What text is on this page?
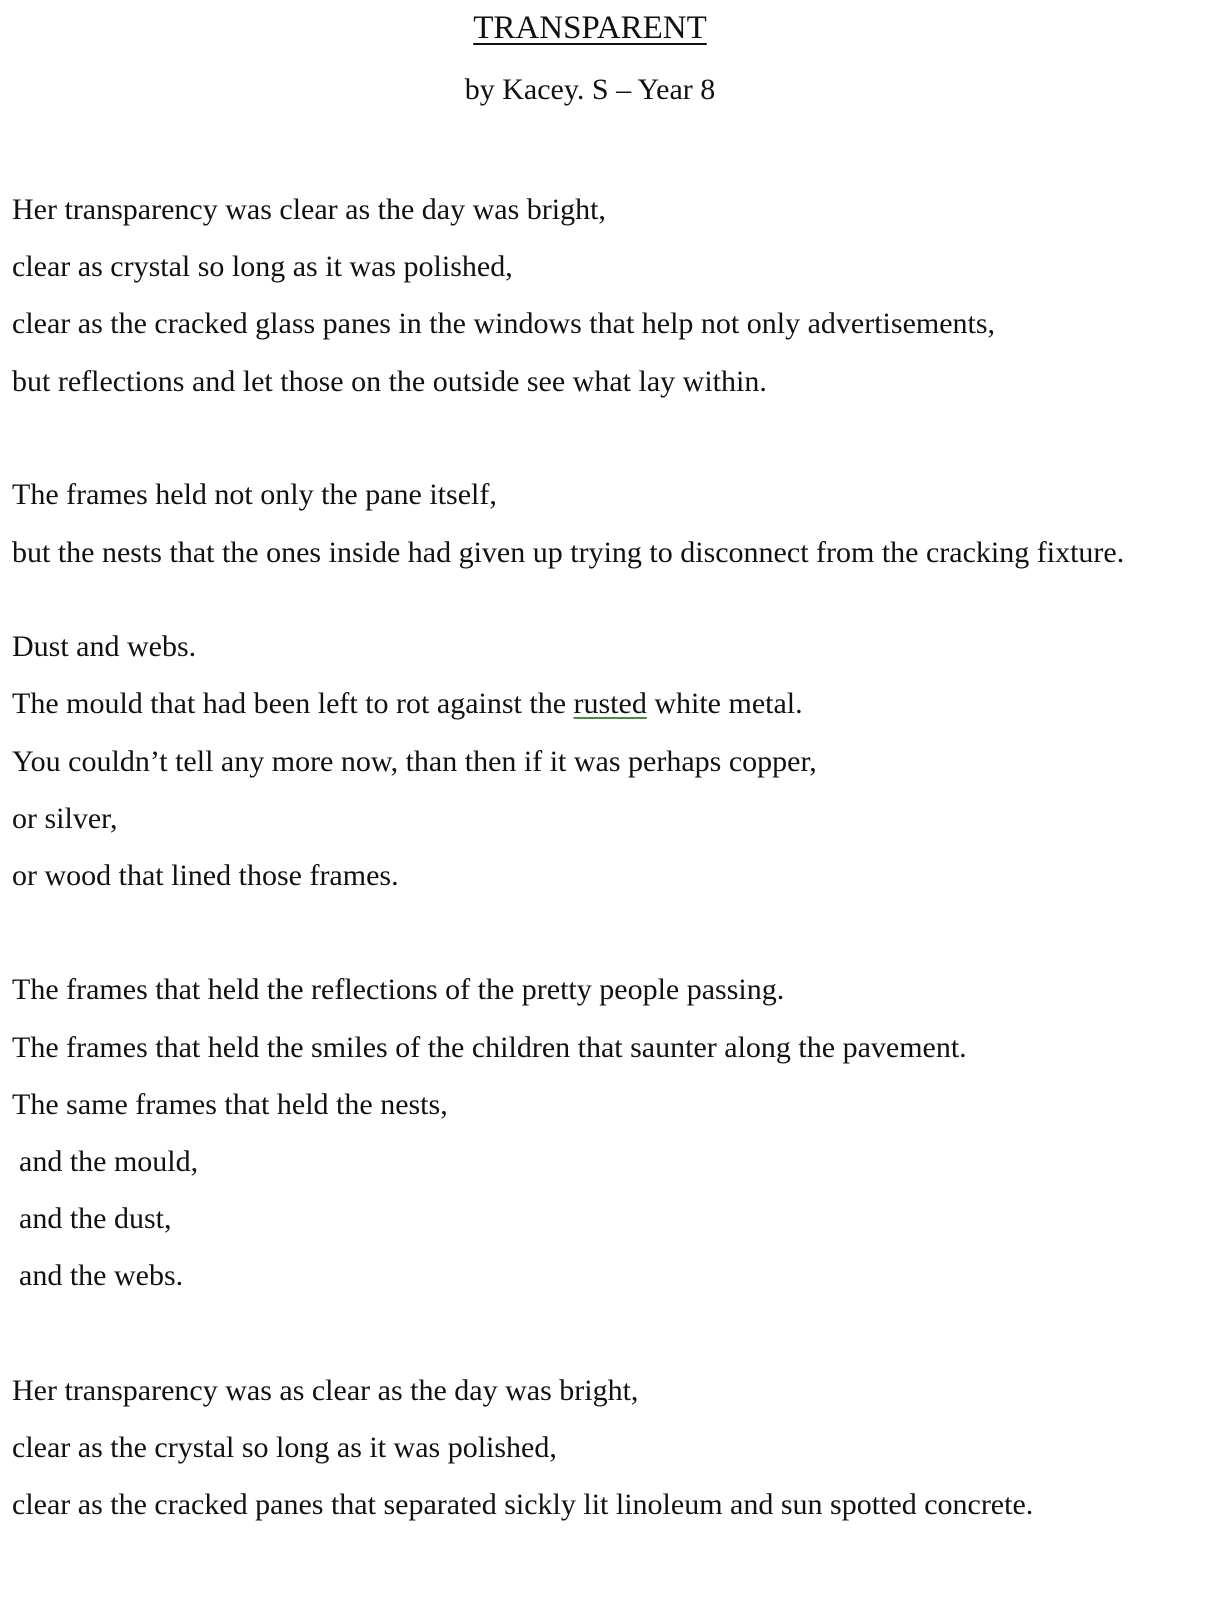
TRANSPARENT
by Kacey. S – Year 8
Her transparency was clear as the day was bright,
clear as crystal so long as it was polished,
clear as the cracked glass panes in the windows that help not only advertisements,
but reflections and let those on the outside see what lay within.
The frames held not only the pane itself,
but the nests that the ones inside had given up trying to disconnect from the cracking fixture.
Dust and webs.
The mould that had been left to rot against the rusted white metal.
You couldn’t tell any more now, than then if it was perhaps copper,
or silver,
or wood that lined those frames.
The frames that held the reflections of the pretty people passing.
The frames that held the smiles of the children that saunter along the pavement.
The same frames that held the nests,
and the mould,
and the dust,
and the webs.
Her transparency was as clear as the day was bright,
clear as the crystal so long as it was polished,
clear as the cracked panes that separated sickly lit linoleum and sun spotted concrete.
